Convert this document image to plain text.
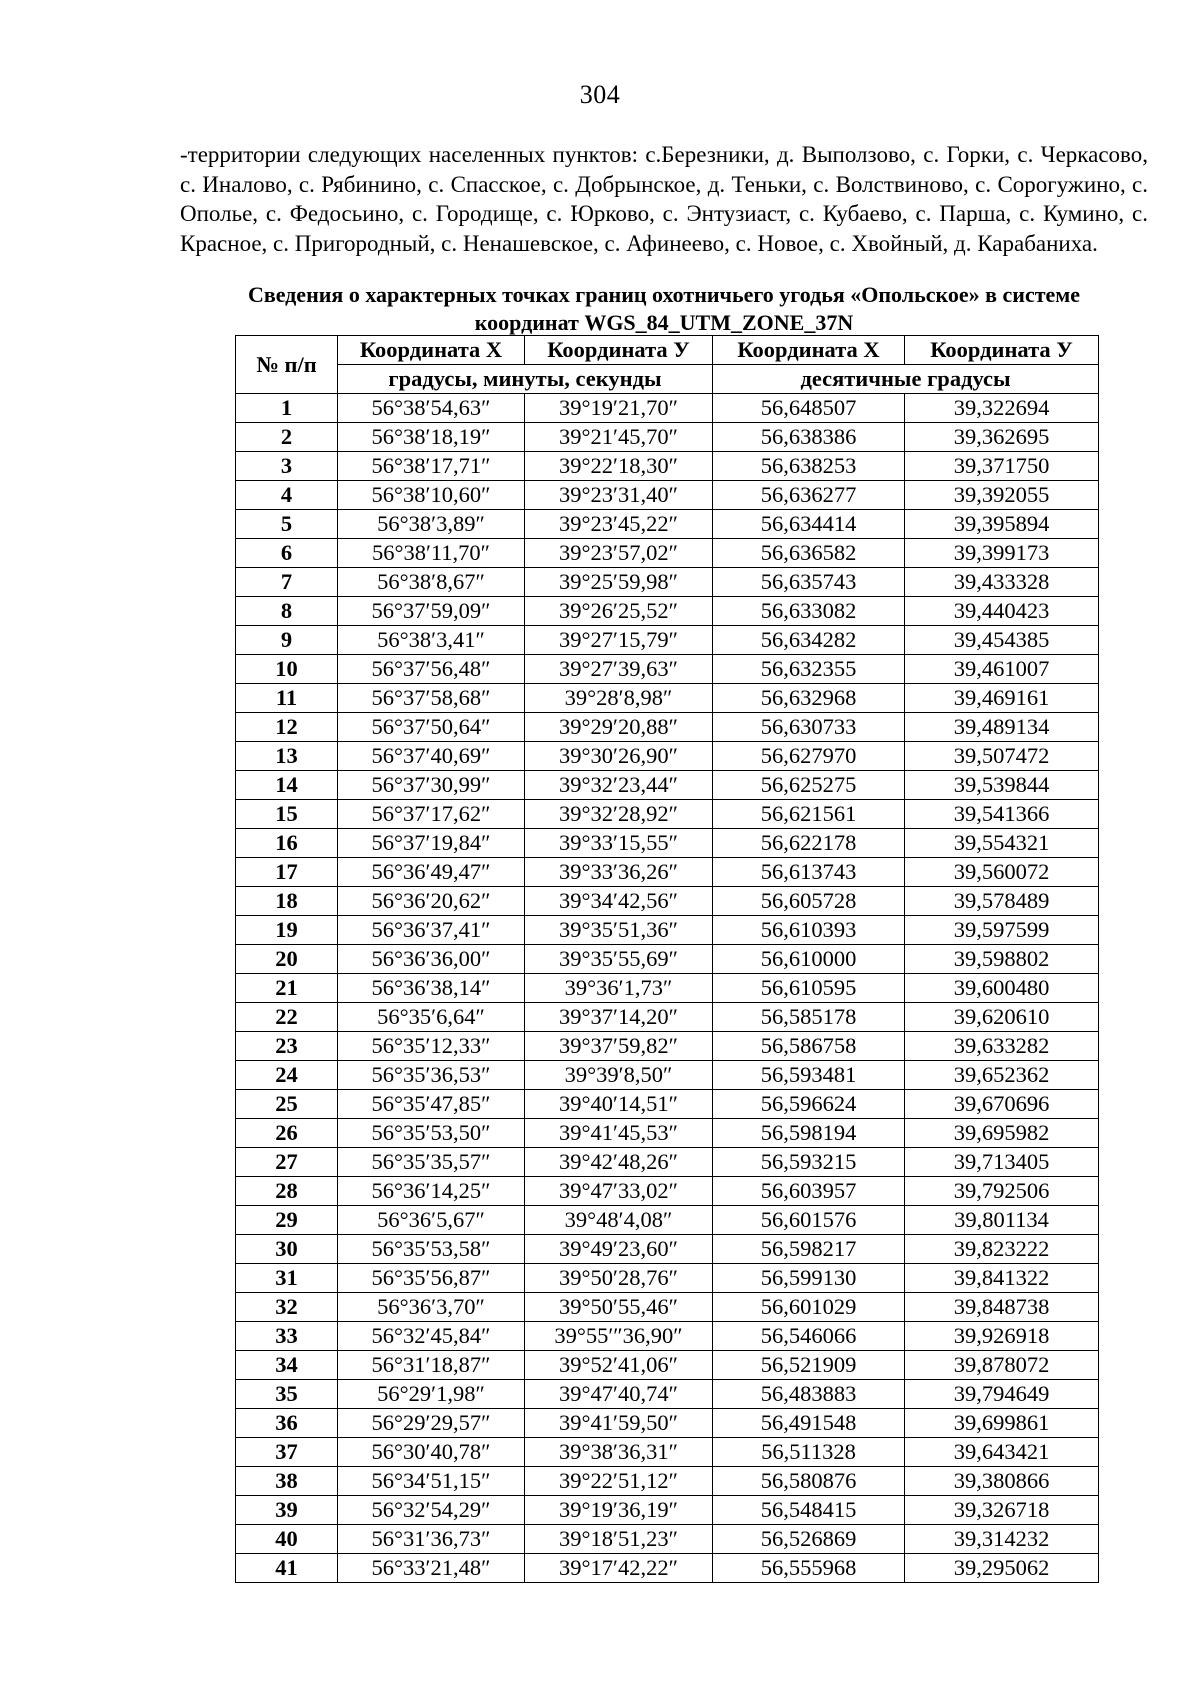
304
-территории следующих населенных пунктов: с.Березники, д. Выползово, с. Горки, с. Черкасово, с. Иналово, с. Рябинино, с. Спасское, с. Добрынское, д. Теньки, с. Волствиново, с. Сорогужино, с. Ополье, с. Федосьино, с. Городище, с. Юрково, с. Энтузиаст, с. Кубаево, с. Парша, с. Кумино, с. Красное, с. Пригородный, с. Ненашевское, с. Афинеево, с. Новое, с. Хвойный, д. Карабаниха.
Сведения о характерных точках границ охотничьего угодья «Опольское» в системе
координат WGS_84_UTM_ZONE_37N
№ п/п	Координата Х	Координата У	Координата Х	Координата У
	градусы, минуты, секунды		десятичные градусы	
1	56°38′54,63″	39°19′21,70″	56,648507	39,322694
2	56°38′18,19″	39°21′45,70″	56,638386	39,362695
3	56°38′17,71″	39°22′18,30″	56,638253	39,371750
4	56°38′10,60″	39°23′31,40″	56,636277	39,392055
5	56°38′3,89″	39°23′45,22″	56,634414	39,395894
6	56°38′11,70″	39°23′57,02″	56,636582	39,399173
7	56°38′8,67″	39°25′59,98″	56,635743	39,433328
8	56°37′59,09″	39°26′25,52″	56,633082	39,440423
9	56°38′3,41″	39°27′15,79″	56,634282	39,454385
10	56°37′56,48″	39°27′39,63″	56,632355	39,461007
11	56°37′58,68″	39°28′8,98″	56,632968	39,469161
12	56°37′50,64″	39°29′20,88″	56,630733	39,489134
13	56°37′40,69″	39°30′26,90″	56,627970	39,507472
14	56°37′30,99″	39°32′23,44″	56,625275	39,539844
15	56°37′17,62″	39°32′28,92″	56,621561	39,541366
16	56°37′19,84″	39°33′15,55″	56,622178	39,554321
17	56°36′49,47″	39°33′36,26″	56,613743	39,560072
18	56°36′20,62″	39°34′42,56″	56,605728	39,578489
19	56°36′37,41″	39°35′51,36″	56,610393	39,597599
20	56°36′36,00″	39°35′55,69″	56,610000	39,598802
21	56°36′38,14″	39°36′1,73″	56,610595	39,600480
22	56°35′6,64″	39°37′14,20″	56,585178	39,620610
23	56°35′12,33″	39°37′59,82″	56,586758	39,633282
24	56°35′36,53″	39°39′8,50″	56,593481	39,652362
25	56°35′47,85″	39°40′14,51″	56,596624	39,670696
26	56°35′53,50″	39°41′45,53″	56,598194	39,695982
27	56°35′35,57″	39°42′48,26″	56,593215	39,713405
28	56°36′14,25″	39°47′33,02″	56,603957	39,792506
29	56°36′5,67″	39°48′4,08″	56,601576	39,801134
30	56°35′53,58″	39°49′23,60″	56,598217	39,823222
31	56°35′56,87″	39°50′28,76″	56,599130	39,841322
32	56°36′3,70″	39°50′55,46″	56,601029	39,848738
33	56°32′45,84″	39°55′″36,90″	56,546066	39,926918
34	56°31′18,87″	39°52′41,06″	56,521909	39,878072
35	56°29′1,98″	39°47′40,74″	56,483883	39,794649
36	56°29′29,57″	39°41′59,50″	56,491548	39,699861
37	56°30′40,78″	39°38′36,31″	56,511328	39,643421
38	56°34′51,15″	39°22′51,12″	56,580876	39,380866
39	56°32′54,29″	39°19′36,19″	56,548415	39,326718
40	56°31′36,73″	39°18′51,23″	56,526869	39,314232
41	56°33′21,48″	39°17′42,22″	56,555968	39,295062
